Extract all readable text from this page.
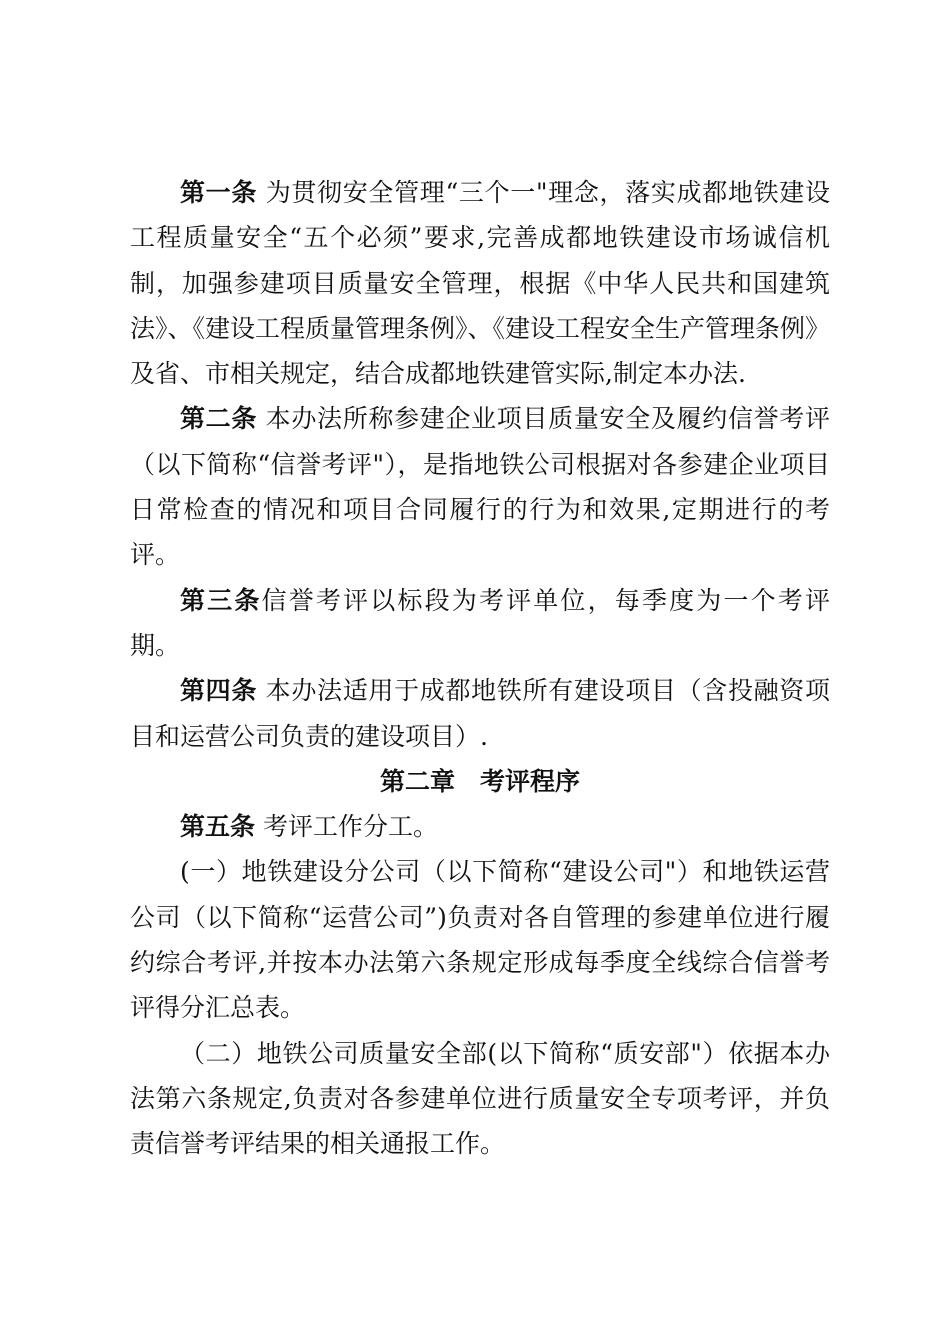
第一条 为贯彻安全管理“三个一"理念，落实成都地铁建设工程质量安全“五个必须”要求,完善成都地铁建设市场诚信机制，加强参建项目质量安全管理，根据《中华人民共和国建筑法》、《建设工程质量管理条例》、《建设工程安全生产管理条例》及省、市相关规定，结合成都地铁建管实际,制定本办法.

第二条 本办法所称参建企业项目质量安全及履约信誉考评（以下简称“信誉考评"），是指地铁公司根据对各参建企业项目日常检查的情况和项目合同履行的行为和效果,定期进行的考评。

第三条信誉考评以标段为考评单位，每季度为一个考评期。

第四条 本办法适用于成都地铁所有建设项目（含投融资项目和运营公司负责的建设项目）.

第二章　考评程序

第五条 考评工作分工。

(一）地铁建设分公司（以下简称“建设公司"）和地铁运营公司（以下简称“运营公司”)负责对各自管理的参建单位进行履约综合考评,并按本办法第六条规定形成每季度全线综合信誉考评得分汇总表。

（二）地铁公司质量安全部(以下简称“质安部"）依据本办法第六条规定,负责对各参建单位进行质量安全专项考评，并负责信誉考评结果的相关通报工作。
